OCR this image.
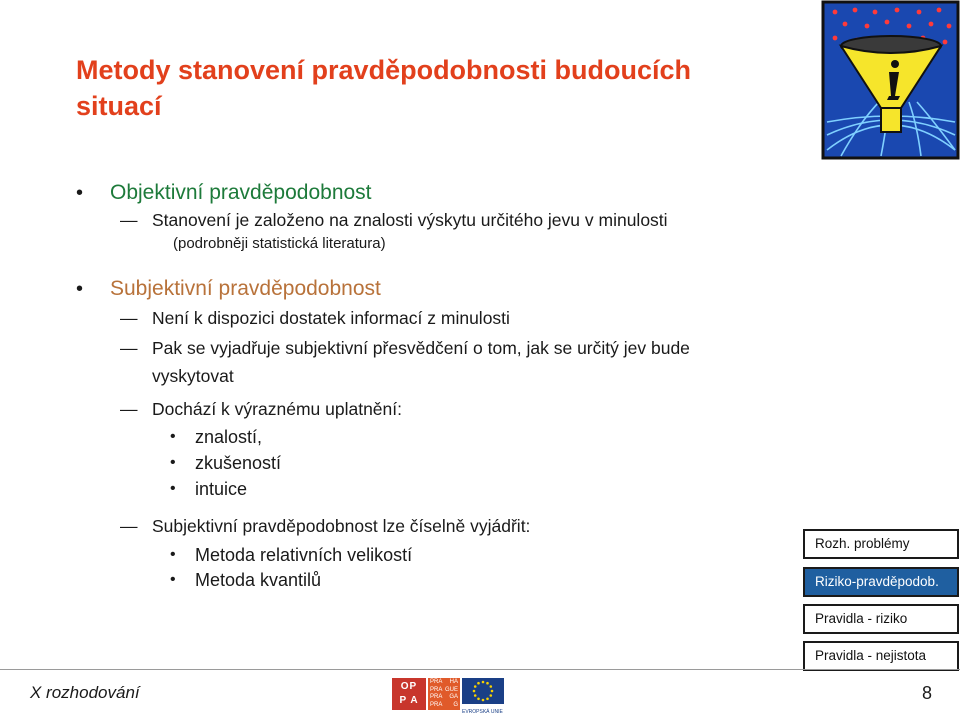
Metody stanovení pravděpodobnosti budoucích situací
• Objektivní pravděpodobnost
— Stanovení je založeno na znalosti výskytu určitého jevu v minulosti
(podrobněji statistická literatura)
• Subjektivní pravděpodobnost
— Není k dispozici dostatek informací z minulosti
— Pak se vyjadřuje subjektivní přesvědčení o tom, jak se určitý jev bude
vyskytovat
— Dochází k výraznému uplatnění:
• znalostí,
• zkušeností
• intuice
— Subjektivní pravděpodobnost lze číselně vyjádřit:
• Metoda relativních velikostí
• Metoda kvantilů
Rozh. problémy
Riziko-pravděpodob.
Pravidla - riziko
Pravidla - nejistota
X rozhodování	OPP A
PRA HA
PRA GUE
PRA GA
PRA G
EVROPSKÁ UNIE
8
